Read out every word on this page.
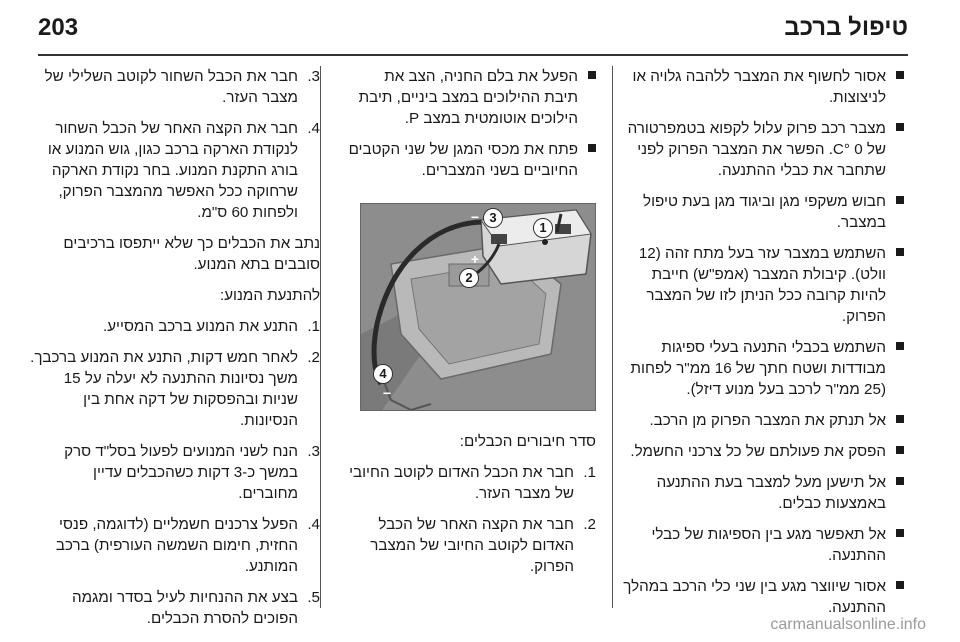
טיפול ברכב
203
אסור לחשוף את המצבר ללהבה גלויה או לניצוצות.
מצבר רכב פרוק עלול לקפוא בטמפרטורה של 0 °C. הפשר את המצבר הפרוק לפני שתחבר את כבלי ההתנעה.
חבוש משקפי מגן וביגוד מגן בעת טיפול במצבר.
השתמש במצבר עזר בעל מתח זהה (12 וולט). קיבולת המצבר (אמפ"ש) חייבת להיות קרובה ככל הניתן לזו של המצבר הפרוק.
השתמש בכבלי התנעה בעלי ספיגות מבודדות ושטח חתך של 16 ממ"ר לפחות (25 ממ"ר לרכב בעל מנוע דיזל).
אל תנתק את המצבר הפרוק מן הרכב.
הפסק את פעולתם של כל צרכני החשמל.
אל תישען מעל למצבר בעת ההתנעה באמצעות כבלים.
אל תאפשר מגע בין הספיגות של כבלי ההתנעה.
אסור שיווצר מגע בין שני כלי הרכב במהלך ההתנעה.
הפעל את בלם החניה, הצב את תיבת ההילוכים במצב ביניים, תיבת הילוכים אוטומטית במצב P.
פתח את מכסי המגן של שני הקטבים החיוביים בשני המצברים.
+
−
−
3
1
2
4

סדר חיבורים הכבלים:

1.
חבר את הכבל האדום לקוטב החיובי של מצבר העזר.
2.
חבר את הקצה האחר של הכבל האדום לקוטב החיובי של המצבר הפרוק.
3.
חבר את הכבל השחור לקוטב השלילי של מצבר העזר.
4.
חבר את הקצה האחר של הכבל השחור לנקודת הארקה ברכב כגון, גוש המנוע או בורג התקנת המנוע. בחר נקודת הארקה שרחוקה ככל האפשר מהמצבר הפרוק, ולפחות 60 ס"מ.

נתב את הכבלים כך שלא ייתפסו ברכיבים סובבים בתא המנוע.

להתנעת המנוע:

1.
התנע את המנוע ברכב המסייע.
2.
לאחר חמש דקות, התנע את המנוע ברכבך. משך נסיונות ההתנעה לא יעלה על 15 שניות ובהפסקות של דקה אחת בין הנסיונות.
3.
הנח לשני המנועים לפעול בסל"ד סרק במשך כ-3 דקות כשהכבלים עדיין מחוברים.
4.
הפעל צרכנים חשמליים (לדוגמה, פנסי החזית, חימום השמשה העורפית) ברכב המותנע.
5.
בצע את ההנחיות לעיל בסדר ומגמה הפוכים להסרת הכבלים.	carmanualsonline.info
